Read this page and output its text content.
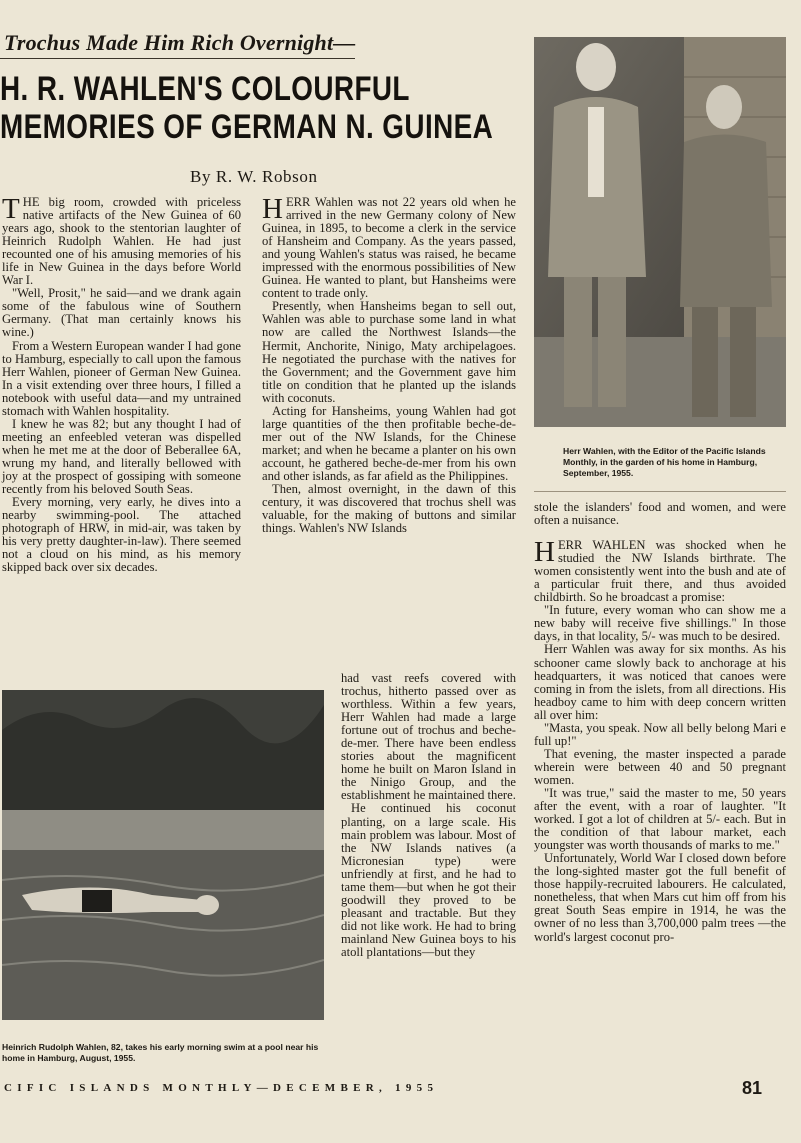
Trochus Made Him Rich Overnight—
H. R. WAHLEN'S COLOURFUL
MEMORIES OF GERMAN N. GUINEA
By R. W. Robson

THE big room, crowded with priceless native artifacts of the New Guinea of 60 years ago, shook to the stentorian laughter of Heinrich Rudolph Wahlen. He had just recounted one of his amusing memories of his life in New Guinea in the days before World War I.

"Well, Prosit," he said—and we drank again some of the fabulous wine of Southern Germany. (That man certainly knows his wine.)

From a Western European wander I had gone to Hamburg, especially to call upon the famous Herr Wahlen, pioneer of German New Guinea. In a visit extending over three hours, I filled a notebook with useful data—and my untrained stomach with Wahlen hospitality.

I knew he was 82; but any thought I had of meeting an enfeebled veteran was dispelled when he met me at the door of Beberallee 6A, wrung my hand, and literally bellowed with joy at the prospect of gossiping with someone recently from his beloved South Seas.

Every morning, very early, he dives into a nearby swimming-pool. The attached photograph of HRW, in mid-air, was taken by his very pretty daughter-in-law). There seemed not a cloud on his mind, as his memory skipped back over six decades.

HERR Wahlen was not 22 years old when he arrived in the new Germany colony of New Guinea, in 1895, to become a clerk in the service of Hansheim and Company. As the years passed, and young Wahlen's status was raised, he became impressed with the enormous possibilities of New Guinea. He wanted to plant, but Hansheims were content to trade only.

Presently, when Hansheims began to sell out, Wahlen was able to purchase some land in what now are called the Northwest Islands—the Hermit, Anchorite, Ninigo, Maty archipelagoes. He negotiated the purchase with the natives for the Government; and the Government gave him title on condition that he planted up the islands with coconuts.

Acting for Hansheims, young Wahlen had got large quantities of the then profitable beche-de-mer out of the NW Islands, for the Chinese market; and when he became a planter on his own account, he gathered beche-de-mer from his own and other islands, as far afield as the Philippines.

Then, almost overnight, in the dawn of this century, it was discovered that trochus shell was valuable, for the making of buttons and similar things. Wahlen's NW Islands

had vast reefs covered with trochus, hitherto passed over as worthless. Within a few years, Herr Wahlen had made a large fortune out of trochus and beche-de-mer. There have been endless stories about the magnificent home he built on Maron Island in the Ninigo Group, and the establishment he maintained there.

He continued his coconut planting, on a large scale. His main problem was labour. Most of the NW Islands natives (a Micronesian type) were unfriendly at first, and he had to tame them—but when he got their goodwill they proved to be pleasant and tractable. But they did not like work. He had to bring mainland New Guinea boys to his atoll plantations—but they

Herr Wahlen, with the Editor of the Pacific Islands Monthly, in the garden of his home in Hamburg, September, 1955.

stole the islanders' food and women, and were often a nuisance.

HERR WAHLEN was shocked when he studied the NW Islands birthrate. The women consistently went into the bush and ate of a particular fruit there, and thus avoided childbirth. So he broadcast a promise:

"In future, every woman who can show me a new baby will receive five shillings." In those days, in that locality, 5/- was much to be desired.

Herr Wahlen was away for six months. As his schooner came slowly back to anchorage at his headquarters, it was noticed that canoes were coming in from the islets, from all directions. His headboy came to him with deep concern written all over him:

"Masta, you speak. Now all belly belong Mari e full up!"

That evening, the master inspected a parade wherein were between 40 and 50 pregnant women.

"It was true," said the master to me, 50 years after the event, with a roar of laughter. "It worked. I got a lot of children at 5/- each. But in the condition of that labour market, each youngster was worth thousands of marks to me."

Unfortunately, World War I closed down before the long-sighted master got the full benefit of those happily-recruited labourers. He calculated, nonetheless, that when Mars cut him off from his great South Seas empire in 1914, he was the owner of no less than 3,700,000 palm trees —the world's largest coconut pro-

Heinrich Rudolph Wahlen, 82, takes his early morning swim at a pool near his home in Hamburg, August, 1955.
CIFIC ISLANDS MONTHLY—DECEMBER, 1955	81
